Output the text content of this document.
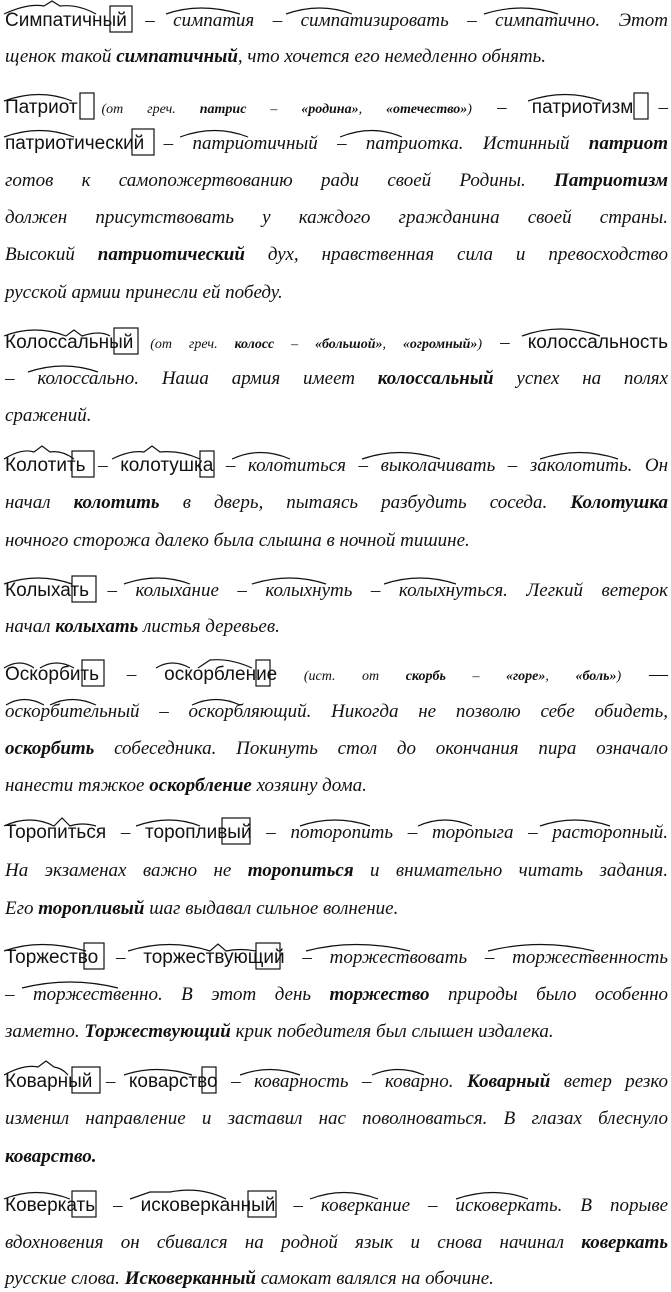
Симпатичный – симпатия – симпатизировать – симпатично. Этот
щенок такой симпатичный, что хочется его немедленно обнять.
Патриот (от греч. патрис – «родина», «отечество») – патриотизм –
патриотический – патриотичный – патриотка. Истинный патриот
готов к самопожертвованию ради своей Родины. Патриотизм
должен присутствовать у каждого гражданина своей страны.
Высокий патриотический дух, нравственная сила и превосходство
русской армии принесли ей победу.
Колоссальный (от греч. колосс – «большой», «огромный») – колоссальность
– колоссально. Наша армия имеет колоссальный успех на полях
сражений.
Колотить – колотушка – колотиться – выколачивать – заколотить. Он
начал колотить в дверь, пытаясь разбудить соседа. Колотушка
ночного сторожа далеко была слышна в ночной тишине.
Колыхать – колыхание – колыхнуть – колыхнуться. Легкий ветерок
начал колыхать листья деревьев.
Оскорбить – оскорбление (ист. от скорбь – «горе», «боль») —
оскорбительный – оскорбляющий. Никогда не позволю себе обидеть,
оскорбить собеседника. Покинуть стол до окончания пира означало
нанести тяжкое оскорбление хозяину дома.
Торопиться – торопливый – поторопить – торопыга – расторопный.
На экзаменах важно не торопиться и внимательно читать задания.
Его торопливый шаг выдавал сильное волнение.
Торжество – торжествующий – торжествовать – торжественность
– торжественно. В этот день торжество природы было особенно
заметно. Торжествующий крик победителя был слышен издалека.
Коварный – коварство – коварность – коварно. Коварный ветер резко
изменил направление и заставил нас поволноваться. В глазах блеснуло
коварство.
Коверкать – исковерканный – коверкание – исковеркать. В порыве
вдохновения он сбивался на родной язык и снова начинал коверкать
русские слова. Исковерканный самокат валялся на обочине.
